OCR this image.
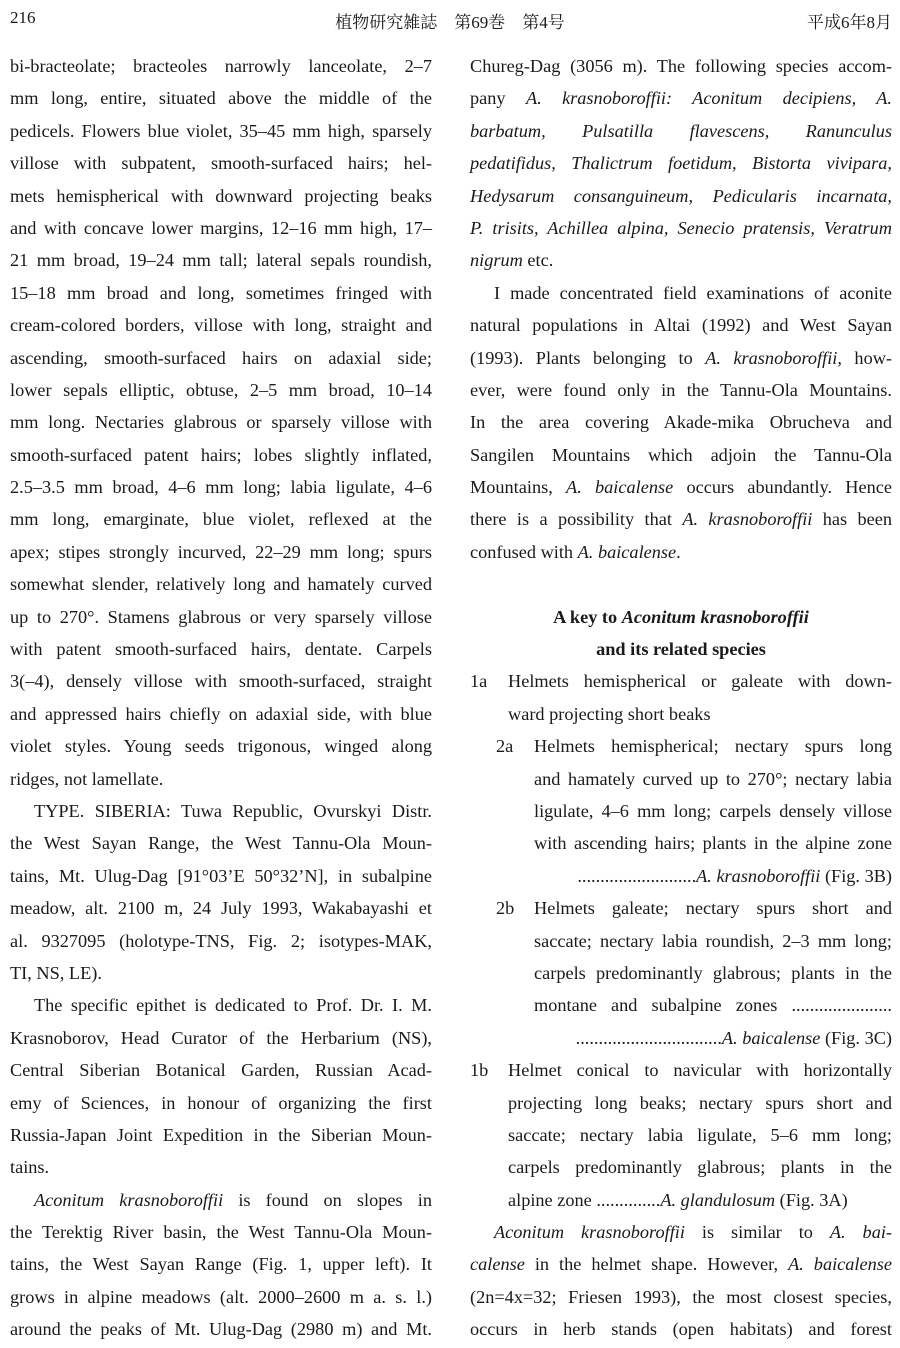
216	植物研究雑誌　第69巻　第4号	平成6年8月
bi-bracteolate; bracteoles narrowly lanceolate, 2–7
mm long, entire, situated above the middle of the
pedicels. Flowers blue violet, 35–45 mm high, sparsely
villose with subpatent, smooth-surfaced hairs; hel-
mets hemispherical with downward projecting beaks
and with concave lower margins, 12–16 mm high, 17–
21 mm broad, 19–24 mm tall; lateral sepals roundish,
15–18 mm broad and long, sometimes fringed with
cream-colored borders, villose with long, straight and
ascending, smooth-surfaced hairs on adaxial side;
lower sepals elliptic, obtuse, 2–5 mm broad, 10–14
mm long. Nectaries glabrous or sparsely villose with
smooth-surfaced patent hairs; lobes slightly inflated,
2.5–3.5 mm broad, 4–6 mm long; labia ligulate, 4–6
mm long, emarginate, blue violet, reflexed at the
apex; stipes strongly incurved, 22–29 mm long; spurs
somewhat slender, relatively long and hamately curved
up to 270°. Stamens glabrous or very sparsely villose
with patent smooth-surfaced hairs, dentate. Carpels
3(–4), densely villose with smooth-surfaced, straight
and appressed hairs chiefly on adaxial side, with blue
violet styles. Young seeds trigonous, winged along
ridges, not lamellate.
TYPE. SIBERIA: Tuwa Republic, Ovurskyi Distr.
the West Sayan Range, the West Tannu-Ola Moun-
tains, Mt. Ulug-Dag [91°03’E 50°32’N], in subalpine
meadow, alt. 2100 m, 24 July 1993, Wakabayashi et
al. 9327095 (holotype-TNS, Fig. 2; isotypes-MAK,
TI, NS, LE).
The specific epithet is dedicated to Prof. Dr. I. M.
Krasnoborov, Head Curator of the Herbarium (NS),
Central Siberian Botanical Garden, Russian Acad-
emy of Sciences, in honour of organizing the first
Russia-Japan Joint Expedition in the Siberian Moun-
tains.
Aconitum krasnoboroffii is found on slopes in
the Terektig River basin, the West Tannu-Ola Moun-
tains, the West Sayan Range (Fig. 1, upper left). It
grows in alpine meadows (alt. 2000–2600 m a. s. l.)
around the peaks of Mt. Ulug-Dag (2980 m) and Mt.
Chureg-Dag (3056 m). The following species accom-
pany A. krasnoboroffii: Aconitum decipiens, A.
barbatum, Pulsatilla flavescens, Ranunculus
pedatifidus, Thalictrum foetidum, Bistorta vivipara,
Hedysarum consanguineum, Pedicularis incarnata,
P. trisits, Achillea alpina, Senecio pratensis, Veratrum
nigrum etc.
I made concentrated field examinations of aconite
natural populations in Altai (1992) and West Sayan
(1993). Plants belonging to A. krasnoboroffii, how-
ever, were found only in the Tannu-Ola Mountains.
In the area covering Akade-mika Obrucheva and
Sangilen Mountains which adjoin the Tannu-Ola
Mountains, A. baicalense occurs abundantly. Hence
there is a possibility that A. krasnoboroffii has been
confused with A. baicalense.
A key to Aconitum krasnoboroffii
and its related species
1a Helmets hemispherical or galeate with down-
ward projecting short beaks
2a Helmets hemispherical; nectary spurs long
and hamately curved up to 270°; nectary labia
ligulate, 4–6 mm long; carpels densely villose
with ascending hairs; plants in the alpine zone
..........................A. krasnoboroffii (Fig. 3B)
2b Helmets galeate; nectary spurs short and
saccate; nectary labia roundish, 2–3 mm long;
carpels predominantly glabrous; plants in the
montane and subalpine zones ......................
................................A. baicalense (Fig. 3C)
1b Helmet conical to navicular with horizontally
projecting long beaks; nectary spurs short and
saccate; nectary labia ligulate, 5–6 mm long;
carpels predominantly glabrous; plants in the
alpine zone ..............A. glandulosum (Fig. 3A)
Aconitum krasnoboroffii is similar to A. bai-
calense in the helmet shape. However, A. baicalense
(2n=4x=32; Friesen 1993), the most closest species,
occurs in herb stands (open habitats) and forest
